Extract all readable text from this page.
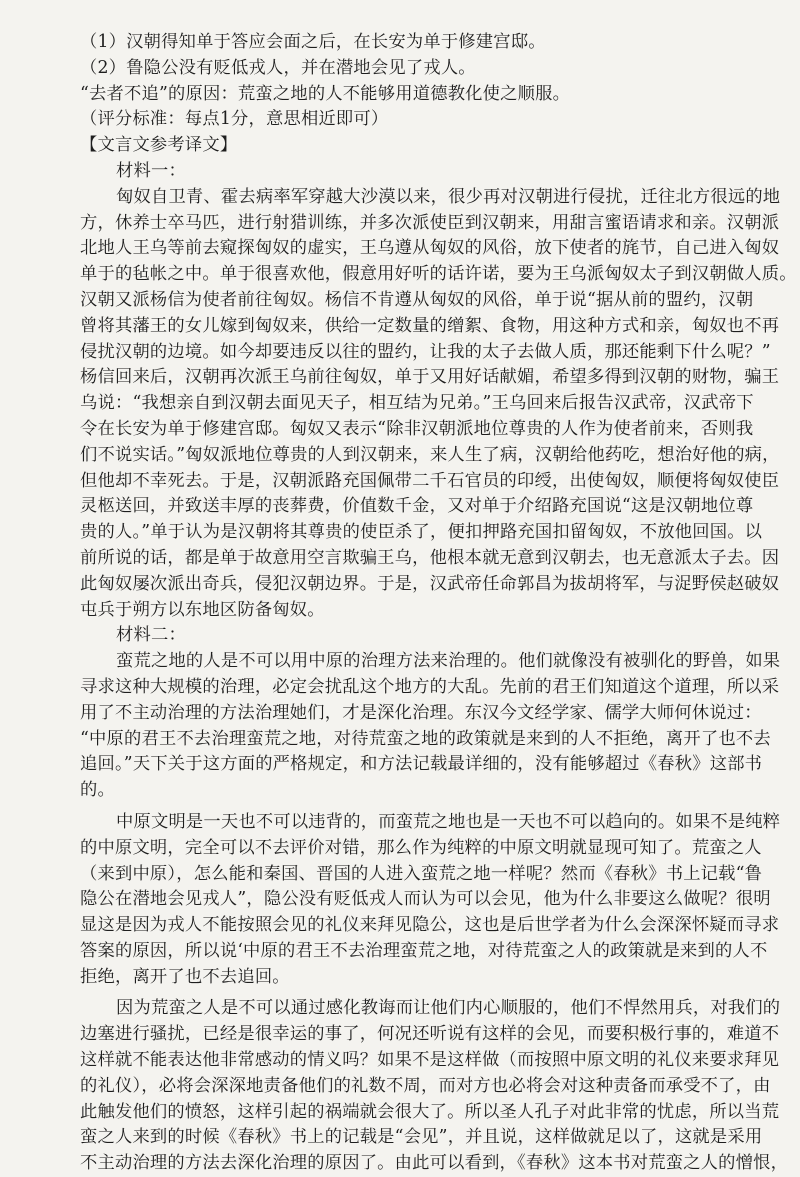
（1）汉朝得知单于答应会面之后，在长安为单于修建宫邸。
（2）鲁隐公没有贬低戎人，并在潜地会见了戎人。
“去者不追”的原因：荒蛮之地的人不能够用道德教化使之顺服。
（评分标准：每点1分，意思相近即可）
【文言文参考译文】
材料一：
匈奴自卫青、霍去病率军穿越大沙漠以来，很少再对汉朝进行侵扰，迁往北方很远的地
方，休养士卒马匹，进行射猎训练，并多次派使臣到汉朝来，用甜言蜜语请求和亲。汉朝派
北地人王乌等前去窥探匈奴的虚实，王乌遵从匈奴的风俗，放下使者的旄节，自己进入匈奴
单于的毡帐之中。单于很喜欢他，假意用好听的话许诺，要为王乌派匈奴太子到汉朝做人质。
汉朝又派杨信为使者前往匈奴。杨信不肯遵从匈奴的风俗，单于说“据从前的盟约，汉朝
曾将其藩王的女儿嫁到匈奴来，供给一定数量的缯絮、食物，用这种方式和亲，匈奴也不再
侵扰汉朝的边境。如今却要违反以往的盟约，让我的太子去做人质，那还能剩下什么呢？”
杨信回来后，汉朝再次派王乌前往匈奴，单于又用好话献媚，希望多得到汉朝的财物，骗王
乌说：“我想亲自到汉朝去面见天子，相互结为兄弟。”王乌回来后报告汉武帝，汉武帝下
令在长安为单于修建宫邸。匈奴又表示“除非汉朝派地位尊贵的人作为使者前来，否则我
们不说实话。”匈奴派地位尊贵的人到汉朝来，来人生了病，汉朝给他药吃，想治好他的病，
但他却不幸死去。于是，汉朝派路充国佩带二千石官员的印绶，出使匈奴，顺便将匈奴使臣
灵柩送回，并致送丰厚的丧葬费，价值数千金，又对单于介绍路充国说“这是汉朝地位尊
贵的人。”单于认为是汉朝将其尊贵的使臣杀了，便扣押路充国扣留匈奴，不放他回国。以
前所说的话，都是单于故意用空言欺骗王乌，他根本就无意到汉朝去，也无意派太子去。因
此匈奴屡次派出奇兵，侵犯汉朝边界。于是，汉武帝任命郭昌为拔胡将军，与浞野侯赵破奴
屯兵于朔方以东地区防备匈奴。
材料二：
蛮荒之地的人是不可以用中原的治理方法来治理的。他们就像没有被驯化的野兽，如果
寻求这种大规模的治理，必定会扰乱这个地方的大乱。先前的君王们知道这个道理，所以采
用了不主动治理的方法治理她们，才是深化治理。东汉今文经学家、儒学大师何休说过：
“中原的君王不去治理蛮荒之地，对待荒蛮之地的政策就是来到的人不拒绝，离开了也不去
追回。”天下关于这方面的严格规定，和方法记载最详细的，没有能够超过《春秋》这部书
的。
中原文明是一天也不可以违背的，而蛮荒之地也是一天也不可以趋向的。如果不是纯粹
的中原文明，完全可以不去评价对错，那么作为纯粹的中原文明就显现可知了。荒蛮之人
（来到中原），怎么能和秦国、晋国的人进入蛮荒之地一样呢？然而《春秋》书上记载“鲁
隐公在潜地会见戎人”，隐公没有贬低戎人而认为可以会见，他为什么非要这么做呢？很明
显这是因为戎人不能按照会见的礼仪来拜见隐公，这也是后世学者为什么会深深怀疑而寻求
答案的原因，所以说‘中原的君王不去治理蛮荒之地，对待荒蛮之人的政策就是来到的人不
拒绝，离开了也不去追回。
因为荒蛮之人是不可以通过感化教诲而让他们内心顺服的，他们不悍然用兵，对我们的
边塞进行骚扰，已经是很幸运的事了，何况还听说有这样的会见，而要积极行事的，难道不
这样就不能表达他非常感动的情义吗？如果不是这样做（而按照中原文明的礼仪来要求拜见
的礼仪），必将会深深地责备他们的礼数不周，而对方也必将会对这种责备而承受不了，由
此触发他们的愤怒，这样引起的祸端就会很大了。所以圣人孔子对此非常的忧虑，所以当荒
蛮之人来到的时候《春秋》书上的记载是“会见”，并且说，这样做就足以了，这就是采用
不主动治理的方法去深化治理的原因了。由此可以看到，《春秋》这本书对荒蛮之人的憎恨，
